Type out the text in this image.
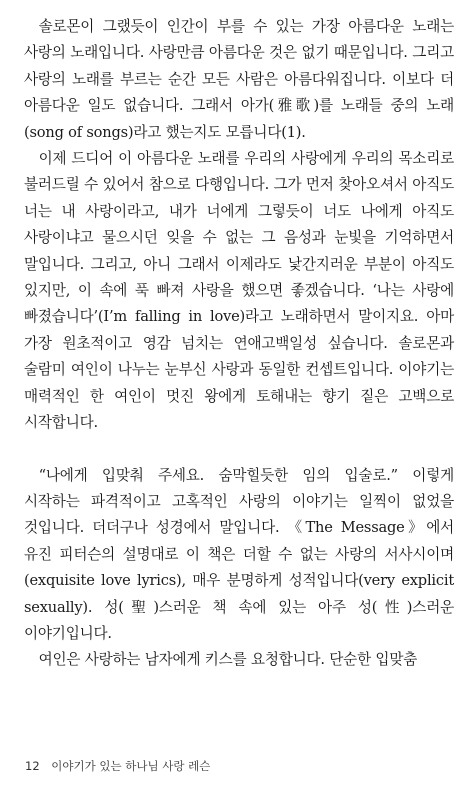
솔로몬이 그랬듯이 인간이 부를 수 있는 가장 아름다운 노래는 사랑의 노래입니다. 사랑만큼 아름다운 것은 없기 때문입니다. 그리고 사랑의 노래를 부르는 순간 모든 사람은 아름다워집니다. 이보다 더 아름다운 일도 없습니다. 그래서 아가(雅歌)를 노래들 중의 노래(song of songs)라고 했는지도 모릅니다(1).

이제 드디어 이 아름다운 노래를 우리의 사랑에게 우리의 목소리로 불러드릴 수 있어서 참으로 다행입니다. 그가 먼저 찾아오셔서 아직도 너는 내 사랑이라고, 내가 너에게 그렇듯이 너도 나에게 아직도 사랑이냐고 물으시던 잊을 수 없는 그 음성과 눈빛을 기억하면서 말입니다. 그리고, 아니 그래서 이제라도 낯간지러운 부분이 아직도 있지만, 이 속에 푹 빠져 사랑을 했으면 좋겠습니다. ‘나는 사랑에 빠졌습니다’(I’m falling in love)라고 노래하면서 말이지요. 아마 가장 원초적이고 영감 넘치는 연애고백일성 싶습니다. 솔로몬과 술람미 여인이 나누는 눈부신 사랑과 동일한 컨셉트입니다. 이야기는 매력적인 한 여인이 멋진 왕에게 토해내는 향기 짙은 고백으로 시작합니다.

“나에게 입맞춰 주세요. 숨막힐듯한 임의 입술로.” 이렇게 시작하는 파격적이고 고혹적인 사랑의 이야기는 일찍이 없었을 것입니다. 더더구나 성경에서 말입니다. 《The Message》에서 유진 피터슨의 설명대로 이 책은 더할 수 없는 사랑의 서사시이며(exquisite love lyrics), 매우 분명하게 성적입니다(very explicit sexually). 성(聖)스러운 책 속에 있는 아주 성(性)스러운 이야기입니다.

여인은 사랑하는 남자에게 키스를 요청합니다. 단순한 입맞춤

12 이야기가 있는 하나님 사랑 레슨
